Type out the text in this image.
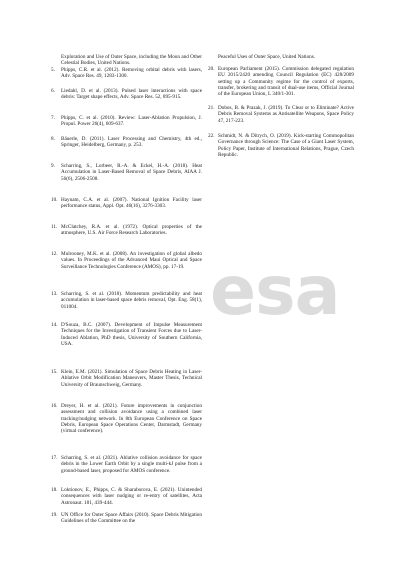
Exploration and Use of Outer Space, including the Moon and Other Celestial Bodies, United Nations.
5. Phipps, C.R. et al. (2012). Removing orbital debris with lasers, Adv. Space Res. 49, 1283-1300.
6. Liedahl, D. et al. (2013). Pulsed laser interactions with space debris: Target shape effects, Adv. Space Res. 52, 895-915.
7. Phipps, C. et al. (2010). Review: Laser-Ablation Propulsion, J. Propul. Power 26(4), 609-637.
8. Bäuerle, D. (2011). Laser Processing and Chemistry, 4th ed., Springer, Heidelberg, Germany, p. 253.
9. Scharring, S., Lorbeer, R.-A. & Eckel, H.-A. (2018). Heat Accumulation in Laser-Based Removal of Space Debris, AIAA J. 56(6), 2506-2508.
10. Haynam, C.A. et al. (2007). National Ignition Facility laser performance status, Appl. Opt. 46(16), 3276-3303.
11. McClatchey, R.A. et al. (1972). Optical properties of the atmosphere, U.S. Air Force Research Laboratories.
12. Mulrooney, M.K. et al. (2008). An investigation of global albedo values. In Proceedings of the Advanced Maui Optical and Space Surveillance Technologies Conference (AMOS), pp. 17-19.
13. Scharring, S. et al. (2018). Momentum predictability and heat accumulation in laser-based space debris removal, Opt. Eng. 58(1), 011004.
14. D'Souza, B.C. (2007). Development of Impulse Measurement Techniques for the Investigation of Transient Forces due to Laser-Induced Ablation, PhD thesis, University of Southern California, USA.
15. Klein, E.M. (2021). Simulation of Space Debris Heating in Laser-Ablative Orbit Modification Maneuvers, Master Thesis, Technical University of Braunschweig, Germany.
16. Dreyer, H. et al. (2021). Future improvements in conjunction assessment and collision avoidance using a combined laser tracking/nudging network. In 8th European Conference on Space Debris, European Space Operations Center, Darmstadt, Germany (virtual conference).
17. Scharring, S. et al. (2021). Ablative collision avoidance for space debris in the Lower Earth Orbit by a single multi-kJ pulse from a ground-based laser, proposed for AMOS conference.
18. Loktionov, E., Phipps, C. & Sharaborova, E. (2021). Unintended consequences with laser nudging or re-entry of satellites, Acta Astronaut. 181, 439-444.
19. UN Office for Outer Space Affairs (2010). Space Debris Mitigation Guidelines of the Committee on the
Peaceful Uses of Outer Space, United Nations.
20. European Parliament (2015). Commission delegated regulation EU 2015/2420 amending Council Regulation (EC) 428/2009 setting up a Community regime for the control of exports, transfer, brokering and transit of dual-use items, Official Journal of the European Union, L 340/1-301.
21. Dobos, B. & Prazak, J. (2019). To Clear or to Eliminate? Active Debris Removal Systems as Antisatellite Weapons, Space Policy 47, 217-223.
22. Schmidt, N. & Ditrych, O. (2019). Kick-starting Commopolitan Governance through Science: The Case of a Giant Laser System, Policy Paper, Institute of International Relations, Prague, Czech Republic.
esa
